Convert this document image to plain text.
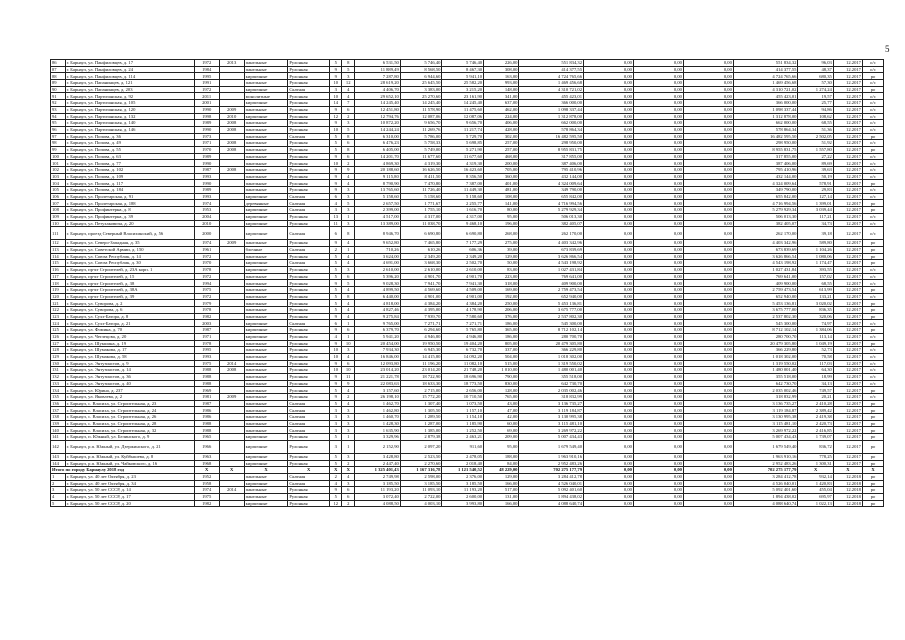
5
86	г. Барнаул, ул. Панфиловцев, д. 17	1972	2013	панельные	Рулонная	5	8	6 531,50	5 746,40	5 746,40	226,00	551 834,32	0,00	0,00	0,00	551 834,32	96,03	12.2017	о/с
87	г. Барнаул, ул. Панфиловцев, д. 24	1984		панельные	Рулонная	9	5	11 889,49	8 568,50	8 467,30	308,00	414 377,55	0,00	0,00	0,00	414 377,55	48,37	12.2017	о/с
88	г. Барнаул, ул. Панфиловцев, д. 114	1995		кирпичные	Рулонная	9	3	7 287,80	6 944,60	5 941,10	163,00	4 724 765,66	0,00	0,00	0,00	4 724 765,66	680,35	12.2017	ро
89	г. Барнаул, ул. Папанинцев, д. 121	1991		панельные	Рулонная	10	12	28 619,20	25 645,50	25 582,20	993,00	1 469 456,68	0,00	0,00	0,00	1 469 456,68	57,30	12.2017	о/с
90	г. Барнаул, ул. Папанинцев, д. 203	1972		кирпичные	Скатная	3	4	4 406,70	3 383,00	3 215,20	148,00	4 310 721,02	0,00	0,00	0,00	4 310 721,02	1 274,24	12.2017	ро
91	г. Барнаул, ул. Партизанская, д. 92	2011		монолитные	Рулонная	10	4	29 652,10	25 270,60	23 161,90	341,00	455 423,01	0,00	0,00	0,00	455 423,01	19,57	12.2017	о/с
92	г. Барнаул, ул. Партизанская, д. 105	2001		кирпичные	Рулонная	14	7	14 245,40	14 245,40	14 245,40	637,00	366 000,00	0,00	0,00	0,00	366 000,00	25,77	12.2017	о/с
93	г. Барнаул, ул. Партизанская, д. 120	1990	2009	панельные	Рулонная	9	6	12 451,80	11 578,90	11 475,60	462,00	1 098 337,44	0,00	0,00	0,00	1 098 337,44	94,86	12.2017	о/с
94	г. Барнаул, ул. Партизанская, д. 132	1998	2010	кирпичные	Рулонная	12	2	12 794,76	12 087,06	12 087,06	224,00	1 312 878,00	0,00	0,00	0,00	1 312 878,00	108,62	12.2017	о/с
95	г. Барнаул, ул. Партизанская, д. 140	1989	2008	панельные	Рулонная	9	3	10 872,20	9 656,70	9 656,70	406,00	662 000,00	0,00	0,00	0,00	662 000,00	68,55	12.2017	о/с
96	г. Барнаул, ул. Партизанская, д. 146	1990	2008	панельные	Рулонная	10	5	14 244,24	11 269,76	11 217,74	428,00	578 864,34	0,00	0,00	0,00	578 864,34	51,36	12.2017	о/с
97	г. Барнаул, ул. Попова, д. 36	1973		панельные	Скатная	5	8	6 310,00	5 786,00	5 729,70	302,00	16 482 595,50	0,00	0,00	0,00	16 482 595,50	2 502,05	12.2017	ро
98	г. Барнаул, ул. Попова, д. 49	1971	2008	панельные	Рулонная	5	6	6 476,23	5 758,33	5 698,85	257,00	298 950,00	0,00	0,00	0,00	298 950,00	51,92	12.2017	о/с
99	г. Барнаул, ул. Попова, д. 55	1970	2008	панельные	Рулонная	5	8	6 405,00	5 749,00	5 271,90	257,00	8 955 831,75	0,00	0,00	0,00	8 955 831,75	1 557,80	12.2017	ро
100	г. Барнаул, ул. Попова, д. 63	1989		панельные	Рулонная	9	6	14 201,70	11 677,60	11 677,60	468,00	317 855,00	0,00	0,00	0,00	317 855,00	27,22	12.2017	о/с
101	г. Барнаул, ул. Попова, д. 77	1990		панельные	Рулонная	10	2	4 869,30	4 319,30	4 319,30	200,00	387 406,00	0,00	0,00	0,00	387 406,00	89,69	12.2017	о/с
102	г. Барнаул, ул. Попова, д. 102	1987	2008	панельные	Рулонная	9	9	20 188,60	16 626,50	16 423,60	705,00	795 410,96	0,00	0,00	0,00	795 410,96	39,63	12.2017	о/с
103	г. Барнаул, ул. Попова, д. 109	1993		панельные	Рулонная	9	4	9 115,80	8 411,50	8 356,50	360,00	432 144,00	0,00	0,00	0,00	432 144,00	50,19	12.2017	о/с
104	г. Барнаул, ул. Попова, д. 117	1990		панельные	Рулонная	9	4	8 790,90	7 470,80	7 387,00	401,00	4 324 009,64	0,00	0,00	0,00	4 324 009,64	578,91	12.2017	ро
105	г. Барнаул, ул. Попова, д. 184	1989		панельные	Рулонная	9	3	13 765,60	11 726,40	11 449,30	481,00	349 790,00	0,00	0,00	0,00	349 790,00	29,83	12.2017	о/с
106	г. Барнаул, ул. Пролетарская, д. 91	1993		кирпичные	Скатная	6	3	5 158,60	5 158,60	5 158,60	108,00	655 842,00	0,00	0,00	0,00	655 842,00	127,14	12.2017	о/с
107	г. Барнаул, ул. Пролетарская, д. 188	1974		деревянные	Скатная	4	5	2 657,50	1 771,67	2 255,77	141,00	4 716 994,56	0,00	0,00	0,00	4 716 994,56	1 399,01	12.2017	ро
108	г. Барнаул, ул. Профинтерна, д. 8	1953		кирпичные	Скатная	3	3	2 399,00	1 755,10	1 616,70	80,00	5 279 929,34	0,00	0,00	0,00	5 279 929,34	3 039,44	12.2017	ро
109	г. Барнаул, ул. Профинтерна, д. 39	2004		кирпичные	Рулонная	13	1	4 517,00	4 317,00	4 317,00	95,00	506 013,30	0,00	0,00	0,00	506 013,30	117,21	12.2017	о/с
110	г. Барнаул, ул. Петухаковича, д. 20	2010		кирпичные	Рулонная	11	3	13 389,00	11 038,70	9 468,10	196,00	382 405,07	0,00	0,00	0,00	382 405,07	34,73	12.2017	о/с
111	г. Барнаул, проезд Северный Власихинский, д. 56	2000		кирпичные	Скатная	6	8	8 946,70	6 690,80	6 690,80	268,00	262 170,00	0,00	0,00	0,00	262 170,00	39,18	12.2017	о/с
112	г. Барнаул, ул. Северо-Западная, д. 35	1974	2009	панельные	Рулонная	9	4	9 652,80	7 465,80	7 177,29	275,00	4 403 342,96	0,00	0,00	0,00	4 403 342,96	589,80	12.2017	ро
113	г. Барнаул, ул. Советской Армии, д. 150	1961		блочные	Скатная	2	1	710,26	610,26	606,36	39,00	673 839,69	0,00	0,00	0,00	673 839,69	1 104,26	12.2017	ро
114	г. Барнаул, ул. Союза Республик, д. 14	1972		панельные	Рулонная	5	4	3 624,00	2 349,20	2 349,20	129,00	3 626 866,54	0,00	0,00	0,00	3 626 866,54	1 080,06	12.2017	ро
115	г. Барнаул, ул. Союза Республик, д. 30	1970		кирпичные	Скатная	5	4	4 691,00	3 668,30	2 502,70	50,00	4 543 198,92	0,00	0,00	0,00	4 543 198,92	1 174,47	12.2017	ро
116	г. Барнаул, пр-кт Строителей, д. 23А корп. 1	1978		кирпичные	Рулонная	5	3	2 610,00	2 610,00	2 610,00	83,00	1 027 431,84	0,00	0,00	0,00	1 027 431,84	393,55	12.2017	о/с
117	г. Барнаул, пр-кт Строителей, д. 15	1972		панельные	Рулонная	5	6	5 396,20	4 901,70	4 901,70	223,00	769 641,00	0,00	0,00	0,00	769 641,00	157,02	12.2017	о/с
118	г. Барнаул, пр-кт Строителей, д. 38	1994		панельные	Рулонная	9	5	9 028,30	7 941,70	7 941,30	318,00	409 900,00	0,00	0,00	0,00	409 900,00	68,55	12.2017	о/с
119	г. Барнаул, пр-кт Строителей, д. 38А	1975		панельные	Рулонная	5	4	4 899,50	4 569,60	4 509,00	169,00	2 759 473,54	0,00	0,00	0,00	2 759 473,54	613,99	12.2017	ро
120	г. Барнаул, пр-кт Строителей, д. 39	1972		панельные	Рулонная	5	8	6 440,00	4 901,00	4 901,00	192,00	652 940,00	0,00	0,00	0,00	652 940,00	133,21	12.2017	о/с
121	г. Барнаул, ул. Суворова, д. 2	1979		панельные	Рулонная	5	4	4 818,00	4 384,20	4 384,20	250,00	5 453 136,81	0,00	0,00	0,00	5 453 136,81	3 020,02	12.2017	ро
122	г. Барнаул, ул. Суворова, д. 6	1978		панельные	Рулонная	5	4	4 827,46	4 395,00	4 178,90	206,00	3 675 777,00	0,00	0,00	0,00	3 675 777,00	836,35	12.2017	ро
123	г. Барнаул, ул. Сухэ-Батора, д. 8	1982		панельные	Рулонная	9	4	9 275,84	7 939,70	7 580,60	376,00	2 537 802,30	0,00	0,00	0,00	2 537 802,30	320,06	12.2017	ро
124	г. Барнаул, ул. Сухэ-Батора, д. 21	2003		кирпичные	Скатная	6	1	9 765,00	7 271,71	7 271,71	186,00	545 300,00	0,00	0,00	0,00	545 300,00	74,97	12.2017	о/с
125	г. Барнаул, ул. Фомина, д. 70	1987		кирпичные	Рулонная	9	6	6 379,70	6 294,60	5 765,80	365,00	8 712 102,14	0,00	0,00	0,00	8 712 102,14	1 384,06	12.2017	ро
126	г. Барнаул, ул. Чеглецова, д. 20	1971		кирпичные	Рулонная	4	1	5 941,20	4 946,80	4 946,80	186,00	280 700,70	0,00	0,00	0,00	280 700,70	113,14	12.2017	о/с
127	г. Барнаул, ул. Шукшина, д. 19	1978		панельные	Рулонная	9	10	20 454,00	19 950,50	19 404,20	805,00	20 479 305,80	0,00	0,00	0,00	20 479 305,80	1 049,19	12.2017	ро
128	г. Барнаул, ул. Шумакова, д. 17	1995		панельные	Рулонная	10	3	7 934,30	6 945,30	6 732,70	337,00	366 229,80	0,00	0,00	0,00	366 229,80	52,73	12.2017	о/с
129	г. Барнаул, ул. Шумакова, д. 58	1993		панельные	Рулонная	10	4	16 846,00	14 415,80	14 092,20	504,00	1 018 302,00	0,00	0,00	0,00	1 018 302,00	70,58	12.2017	о/с
130	г. Барнаул, ул. Энтузиастов, д. 9	1975	2014	панельные	Рулонная	9	6	12 093,80	11 196,20	11 082,10	515,00	1 319 550,02	0,00	0,00	0,00	1 319 550,02	117,03	12.2017	о/с
131	г. Барнаул, ул. Энтузиастов, д. 14	1988	2008	панельные	Рулонная	10	10	23 014,20	23 014,20	21 748,20	1 010,00	1 480 001,40	0,00	0,00	0,00	1 480 001,40	64,30	12.2017	о/с
132	г. Барнаул, ул. Энтузиастов, д. 36	1988		панельные	Рулонная	9	11	21 221,78	18 722,90	18 696,90	790,00	355 518,00	0,00	0,00	0,00	355 518,00	18,99	12.2017	о/с
133	г. Барнаул, ул. Энтузиастов, д. 40	1988		панельные	Рулонная	9	9	22 083,63	18 633,30	18 773,50	830,00	642 730,70	0,00	0,00	0,00	642 730,70	34,13	12.2017	о/с
134	г. Барнаул, ул. Юрина, д. 237	1969		панельные	Рулонная	5	4	3 157,60	2 715,00	2 656,00	128,00	2 035 002,46	0,00	0,00	0,00	2 035 002,46	749,57	12.2017	ро
135	г. Барнаул, ул. Яковлева, д. 2	1981	2009	панельные	Рулонная	9	2	26 198,10	15 772,20	10 710,50	765,00	318 832,99	0,00	0,00	0,00	318 832,99	20,21	12.2017	о/с
136	г. Барнаул, с. Власиха, ул. Строительная, д. 23	1987		панельные	Скатная	5	4	1 462,70	1 307,40	1 073,50	43,00	3 136 735,27	0,00	0,00	0,00	3 136 735,27	2 410,28	12.2017	ро
137	г. Барнаул, с. Власиха, ул. Строительная, д. 24	1986		панельные	Скатная	3	3	1 462,80	1 305,50	1 157,10	47,00	3 119 184,87	0,00	0,00	0,00	3 119 184,87	2 389,42	12.2017	ро
138	г. Барнаул, с. Власиха, ул. Строительная, д. 26	1986		панельные	Скатная	3	3	1 460,70	1 289,50	1 154,10	42,00	3 130 995,38	0,00	0,00	0,00	3 130 995,38	2 419,38	12.2017	ро
139	г. Барнаул, с. Власиха, ул. Строительная, д. 28	1988		панельные	Скатная	3	3	1 428,30	1 287,00	1 185,90	60,00	3 115 481,10	0,00	0,00	0,00	3 115 481,10	2 420,73	12.2017	ро
140	г. Барнаул, с. Власиха, ул. Строительная, д. 32	1988		панельные	Скатная	3	3	1 635,90	1 385,00	1 252,50	69,00	3 269 972,22	0,00	0,00	0,00	3 269 972,22	2 416,85	12.2017	ро
141	г. Барнаул, п. Южный, ул. Белинского, д. 9	1965		кирпичные	Рулонная	5	1	3 329,96	2 879,38	2 463,21	209,00	5 007 434,43	0,00	0,00	0,00	5 007 434,43	1 739,07	12.2017	ро
142	г. Барнаул, р.п. Южный, ул. Дзержинского, д. 21	1966		кирпичные	Рулонная	3	1	2 152,90	2 097,20	911,60	95,00	1 679 549,40	0,00	0,00	0,00	1 679 549,40	836,72	12.2017	ро
143	г. Барнаул, р.п. Южный, ул. Куйбышева, д. 8	1963		кирпичные	Рулонная	5	3	3 428,80	2 523,50	2 478,05	188,00	1 963 910,16	0,00	0,00	0,00	1 963 910,16	778,25	12.2017	ро
144	г. Барнаул, р.п. Южный, ул. Чайковского, д. 16	1968		кирпичные	Рулонная	5	2	2 447,40	2 270,60	2 018,40	84,00	2 952 483,26	0,00	0,00	0,00	2 952 483,26	1 300,31	12.2017	ро
Итого по городу Барнаулу 2018 год		X	X	X	X	X	X	1 325 401,43	1 167 316,78	1 121 540,52	48 229,00	702 275 177,79	0,00	0,00	0,00	702 275 177,79	X	X	X
1	г. Барнаул, ул. 40 лет Октября, д. 23	1952		панельные	Скатная	2	4	2 749,98	2 598,00	2 376,00	129,00	3 284 412,78	0,00	0,00	0,00	3 284 412,78	932,14	12.2018	ро
2	г. Барнаул, ул. 40 лет Октября, д. 34	1958		кирпичные	Скатная	4	3	3 185,50	3 185,50	3 185,50	166,00	4 526 040,01	0,00	0,00	0,00	4 526 040,01	1 420,83	12.2018	ро
3	г. Барнаул, ул. 50 лет СССР, д. 14	1974	2014	панельные	Рулонная	9	6	11 193,20	11 093,10	11 193,20	517,00	5 092 401,60	0,00	0,00	0,00	5 092 401,60	455,04	12.2018	ро
4	г. Барнаул, ул. 50 лет СССР, д. 17	1975		панельные	Рулонная	5	6	3 072,40	2 722,00	2 600,00	131,00	1 894 438,02	0,00	0,00	0,00	1 894 438,02	695,97	12.2018	ро
5	г. Барнаул, ул. 50 лет СССР, д. 20	1982		кирпичные	Рулонная	12	2	4 088,50	4 003,10	3 993,80	166,00	4 088 640,74	0,00	0,00	0,00	4 088 640,74	1 022,13	12.2018	ро
